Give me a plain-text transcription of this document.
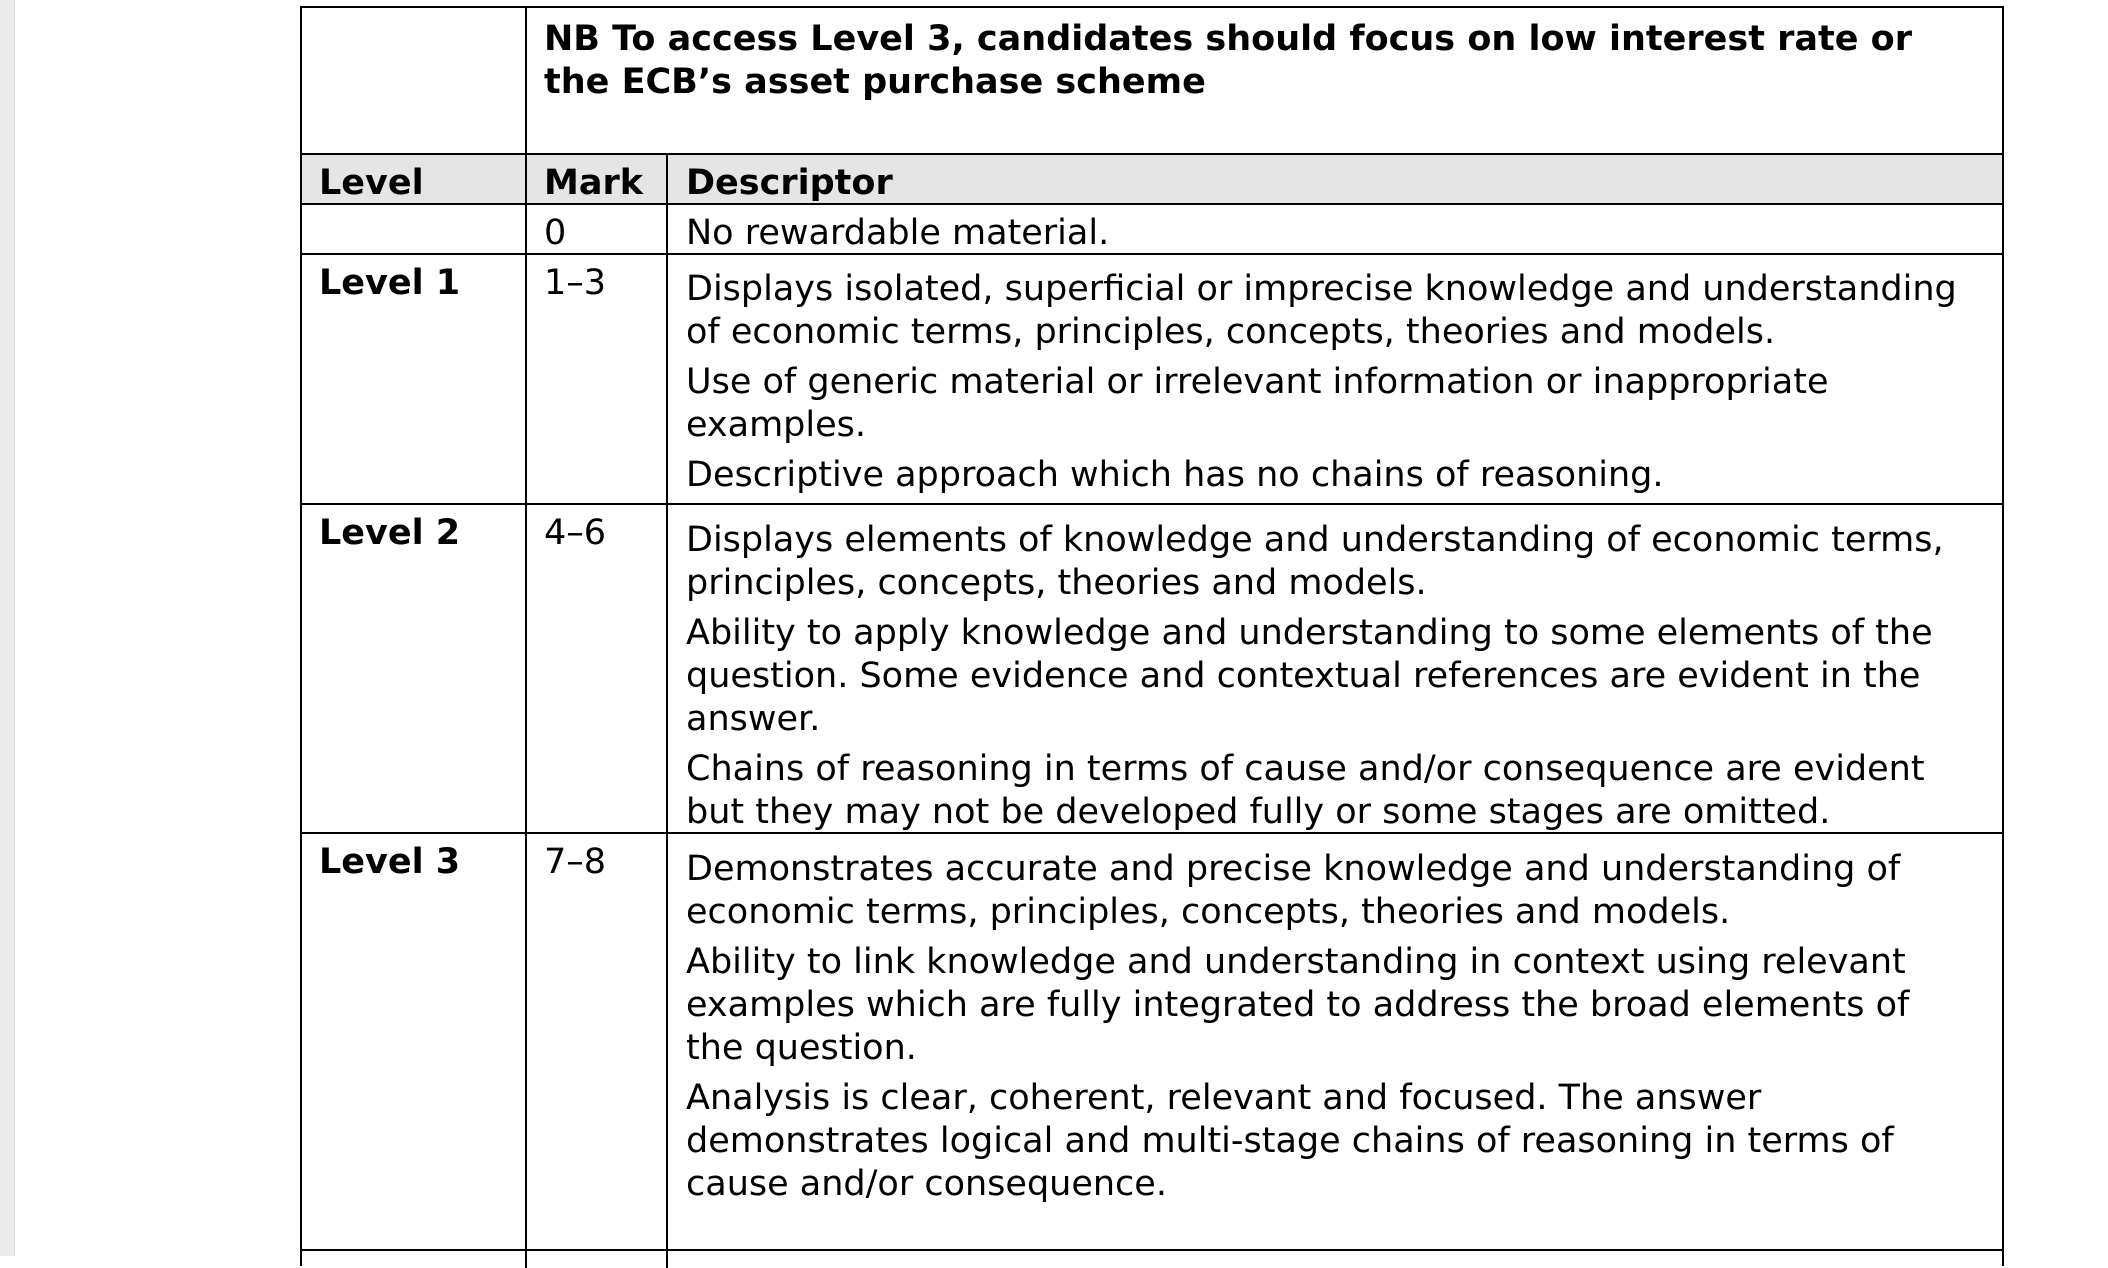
NB To access Level 3, candidates should focus on low interest rate or
the ECB’s asset purchase scheme
Level	Mark Descriptor
0	No rewardable material.
Level 1 1–3 Displays isolated, superficial or imprecise knowledge and understanding

of economic terms, principles, concepts, theories and models.

Use of generic material or irrelevant information or inappropriate

examples.

Descriptive approach which has no chains of reasoning.

Level 2 4–6 Displays elements of knowledge and understanding of economic terms,

principles, concepts, theories and models.

Ability to apply knowledge and understanding to some elements of the

question. Some evidence and contextual references are evident in the

answer.

Chains of reasoning in terms of cause and/or consequence are evident

but they may not be developed fully or some stages are omitted.

Level 3 7–8 Demonstrates accurate and precise knowledge and understanding of

economic terms, principles, concepts, theories and models.

Ability to link knowledge and understanding in context using relevant

examples which are fully integrated to address the broad elements of

the question.

Analysis is clear, coherent, relevant and focused. The answer

demonstrates logical and multi-stage chains of reasoning in terms of

cause and/or consequence.
